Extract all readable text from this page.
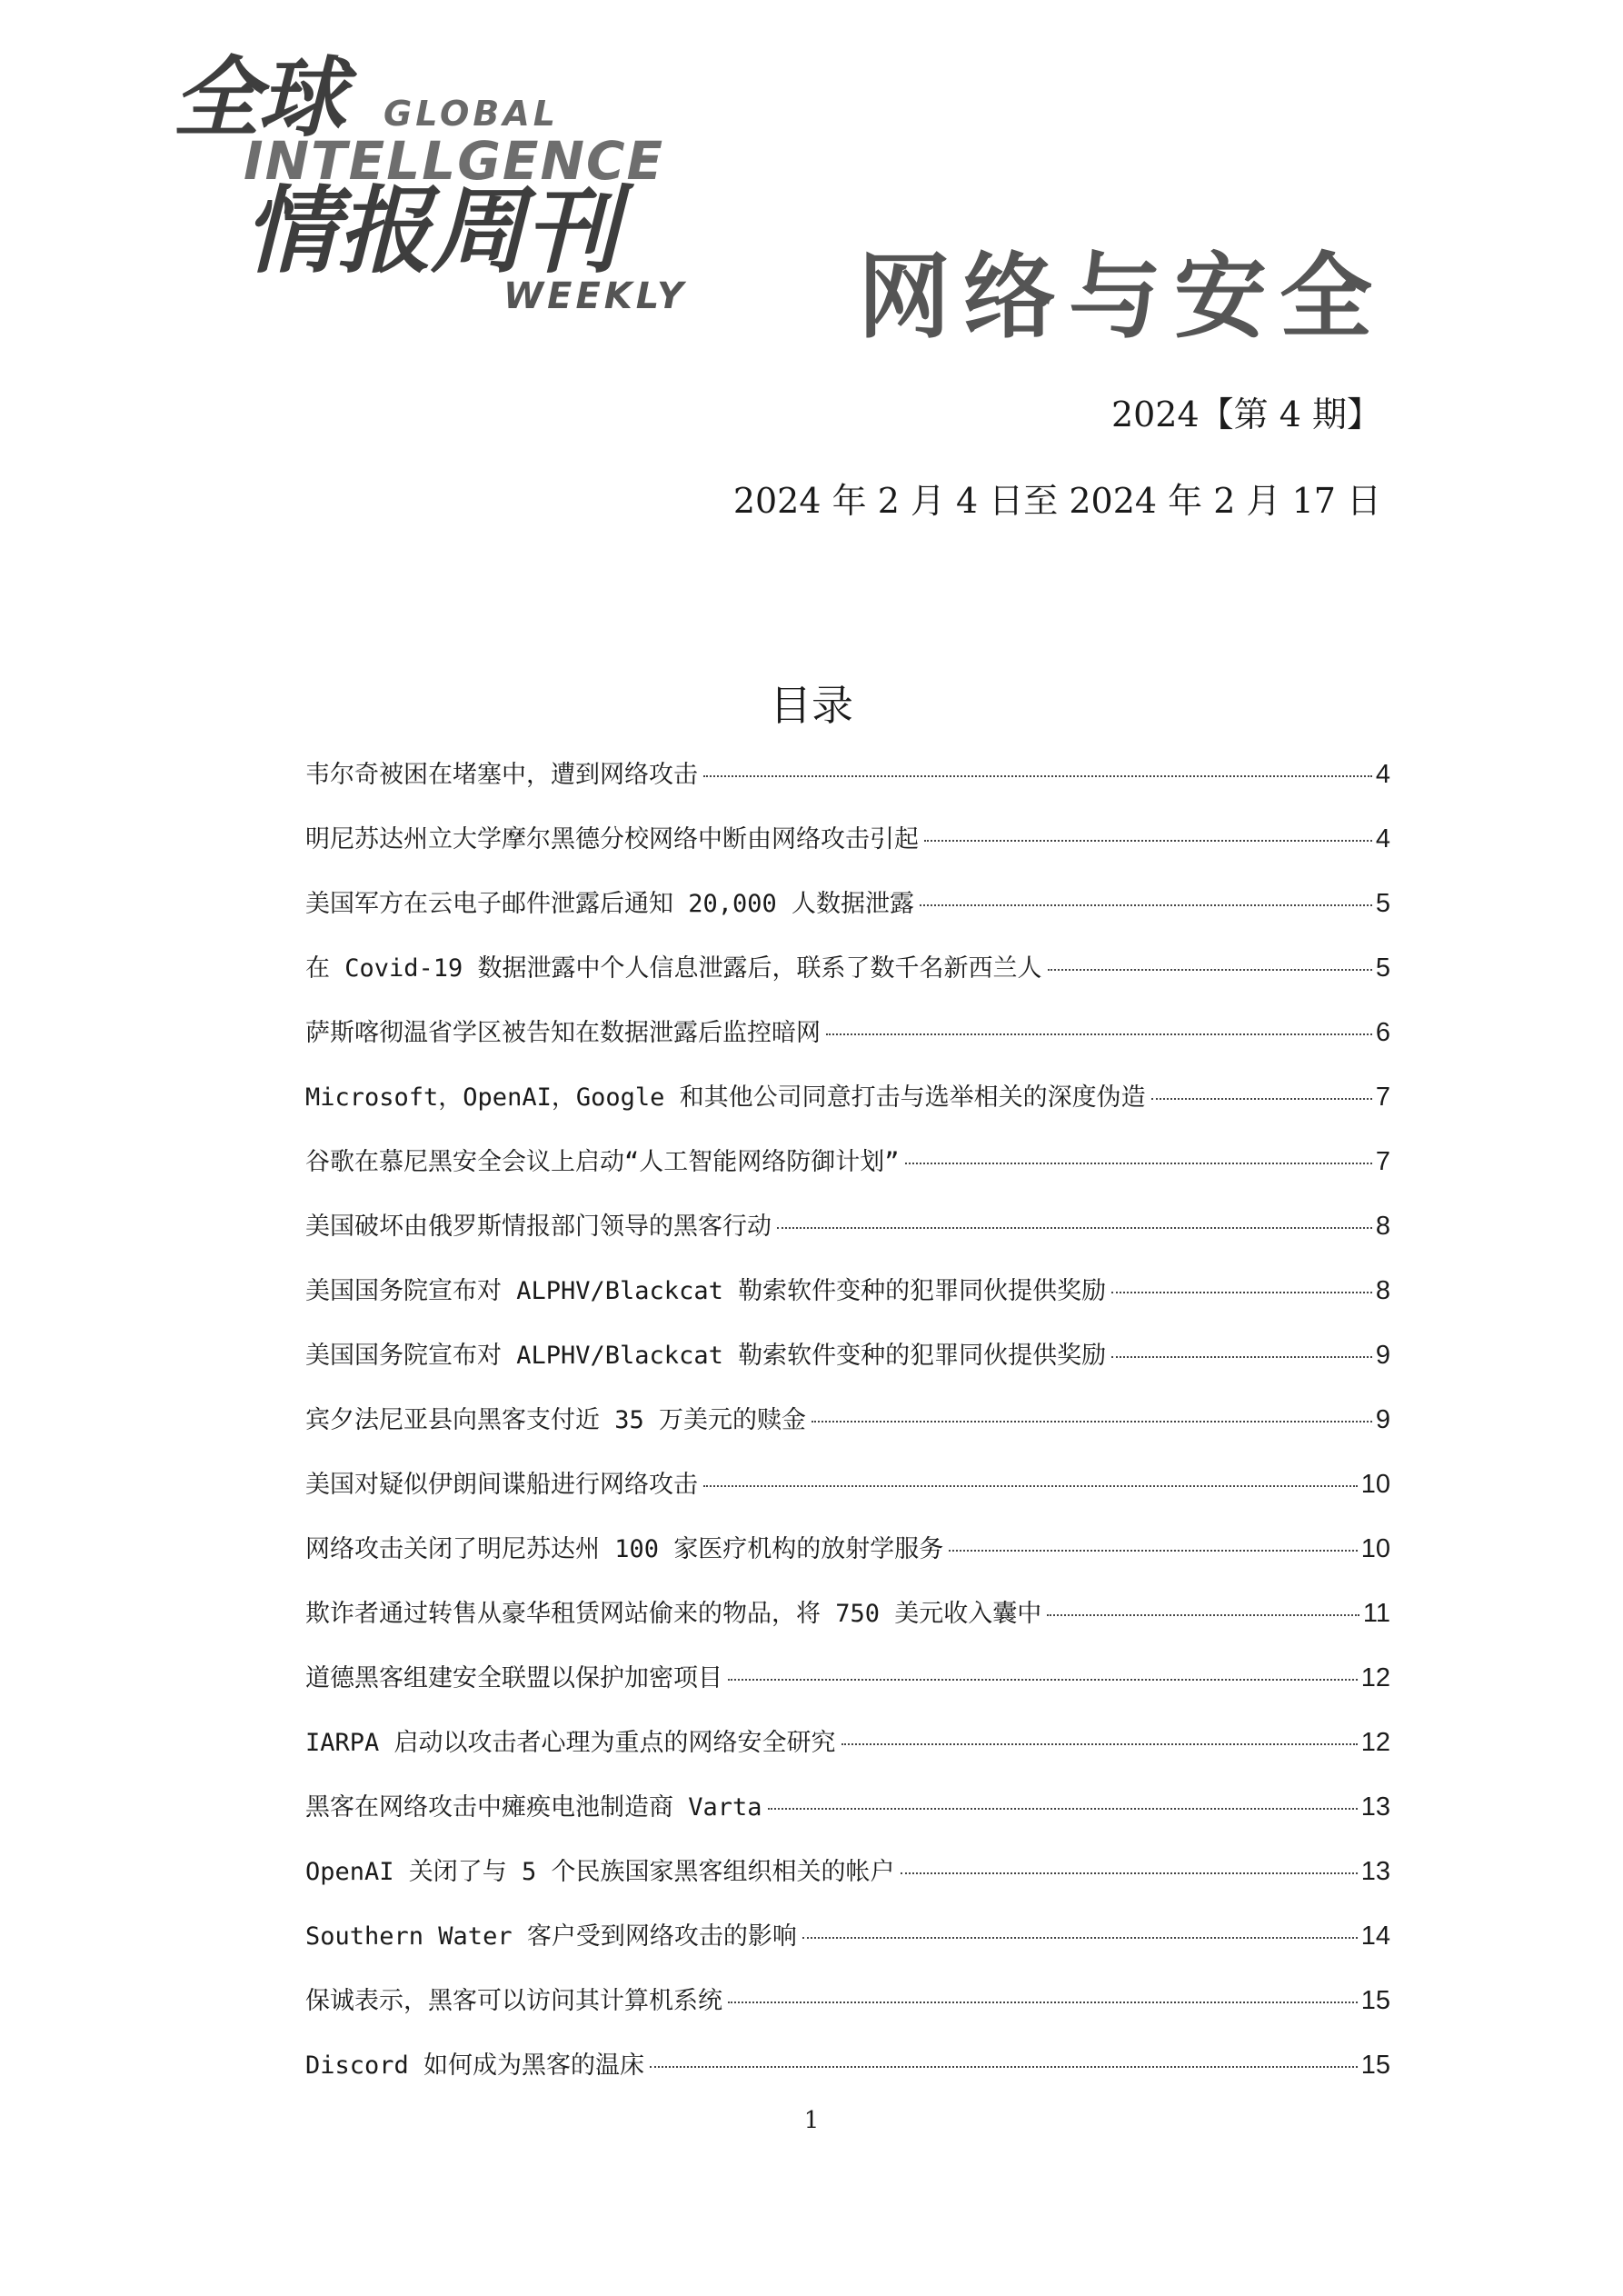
全球 GLOBAL
INTELLGENCE
情报周刊
WEEKLY 网络与安全
2024【第 4 期】
2024 年 2 月 4 日至 2024 年 2 月 17 日
目录
韦尔奇被困在堵塞中，遭到网络攻击	4
明尼苏达州立大学摩尔黑德分校网络中断由网络攻击引起	4
美国军方在云电子邮件泄露后通知 20,000 人数据泄露	5
在 Covid-19 数据泄露中个人信息泄露后，联系了数千名新西兰人	5
萨斯喀彻温省学区被告知在数据泄露后监控暗网	6
Microsoft，OpenAI，Google 和其他公司同意打击与选举相关的深度伪造	7
谷歌在慕尼黑安全会议上启动“人工智能网络防御计划”	7
美国破坏由俄罗斯情报部门领导的黑客行动	8
美国国务院宣布对 ALPHV/Blackcat 勒索软件变种的犯罪同伙提供奖励	8
美国国务院宣布对 ALPHV/Blackcat 勒索软件变种的犯罪同伙提供奖励	9
宾夕法尼亚县向黑客支付近 35 万美元的赎金	9
美国对疑似伊朗间谍船进行网络攻击	10
网络攻击关闭了明尼苏达州 100 家医疗机构的放射学服务	10
欺诈者通过转售从豪华租赁网站偷来的物品，将 750 美元收入囊中	11
道德黑客组建安全联盟以保护加密项目	12
IARPA 启动以攻击者心理为重点的网络安全研究	12
黑客在网络攻击中瘫痪电池制造商 Varta	13
OpenAI 关闭了与 5 个民族国家黑客组织相关的帐户	13
Southern Water 客户受到网络攻击的影响	14
保诚表示，黑客可以访问其计算机系统	15
Discord 如何成为黑客的温床	15
1
